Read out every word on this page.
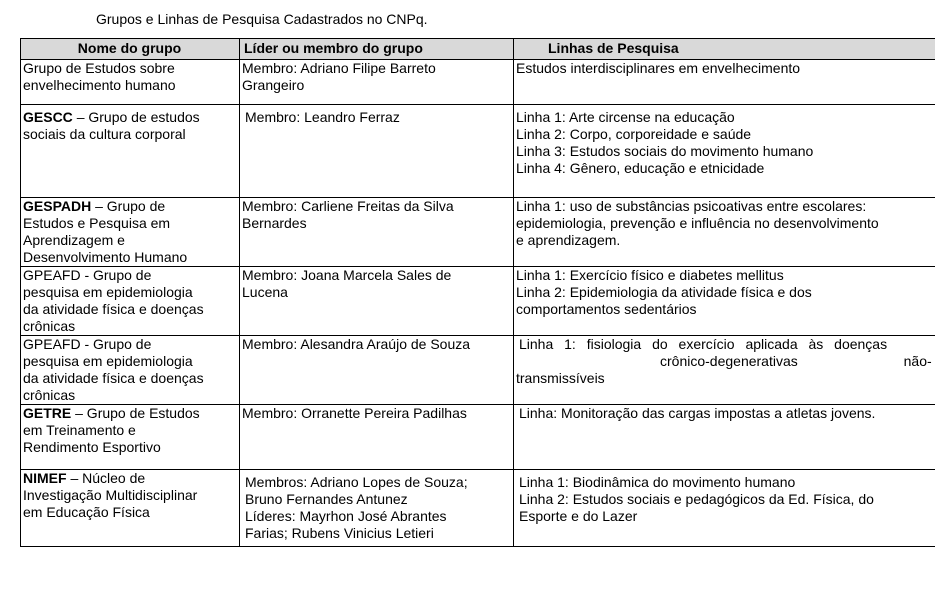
Grupos e Linhas de Pesquisa Cadastrados no CNPq.
Nome do grupo	Líder ou membro do grupo	Linhas de Pesquisa

Grupo de Estudos sobre
envelhecimento humano	Membro: Adriano Filipe Barreto
Grangeiro	Estudos interdisciplinares em envelhecimento

GESCC – Grupo de estudos
sociais da cultura corporal	Membro: Leandro Ferraz	Linha 1: Arte circense na educação
Linha 2: Corpo, corporeidade e saúde
Linha 3: Estudos sociais do movimento humano
Linha 4: Gênero, educação e etnicidade

GESPADH – Grupo de
Estudos e Pesquisa em
Aprendizagem e
Desenvolvimento Humano	Membro: Carliene Freitas da Silva
Bernardes	Linha 1: uso de substâncias psicoativas entre escolares:
epidemiologia, prevenção e influência no desenvolvimento
e aprendizagem.

GPEAFD - Grupo de
pesquisa em epidemiologia
da atividade física e doenças
crônicas	Membro: Joana Marcela Sales de
Lucena	Linha 1: Exercício físico e diabetes mellitus
Linha 2: Epidemiologia da atividade física e dos
comportamentos sedentários

GPEAFD - Grupo de
pesquisa em epidemiologia
da atividade física e doenças
crônicas	Membro: Alesandra Araújo de Souza	Linha 1: fisiologia do exercício aplicada às doenças
crônico-degenerativas não-
transmissíveis

GETRE – Grupo de Estudos
em Treinamento e
Rendimento Esportivo	Membro: Orranette Pereira Padilhas	Linha: Monitoração das cargas impostas a atletas jovens.

NIMEF – Núcleo de
Investigação Multidisciplinar
em Educação Física	Membros: Adriano Lopes de Souza;
Bruno Fernandes Antunez
Líderes: Mayrhon José Abrantes
Farias; Rubens Vinicius Letieri	Linha 1: Biodinâmica do movimento humano
Linha 2: Estudos sociais e pedagógicos da Ed. Física, do
Esporte e do Lazer
